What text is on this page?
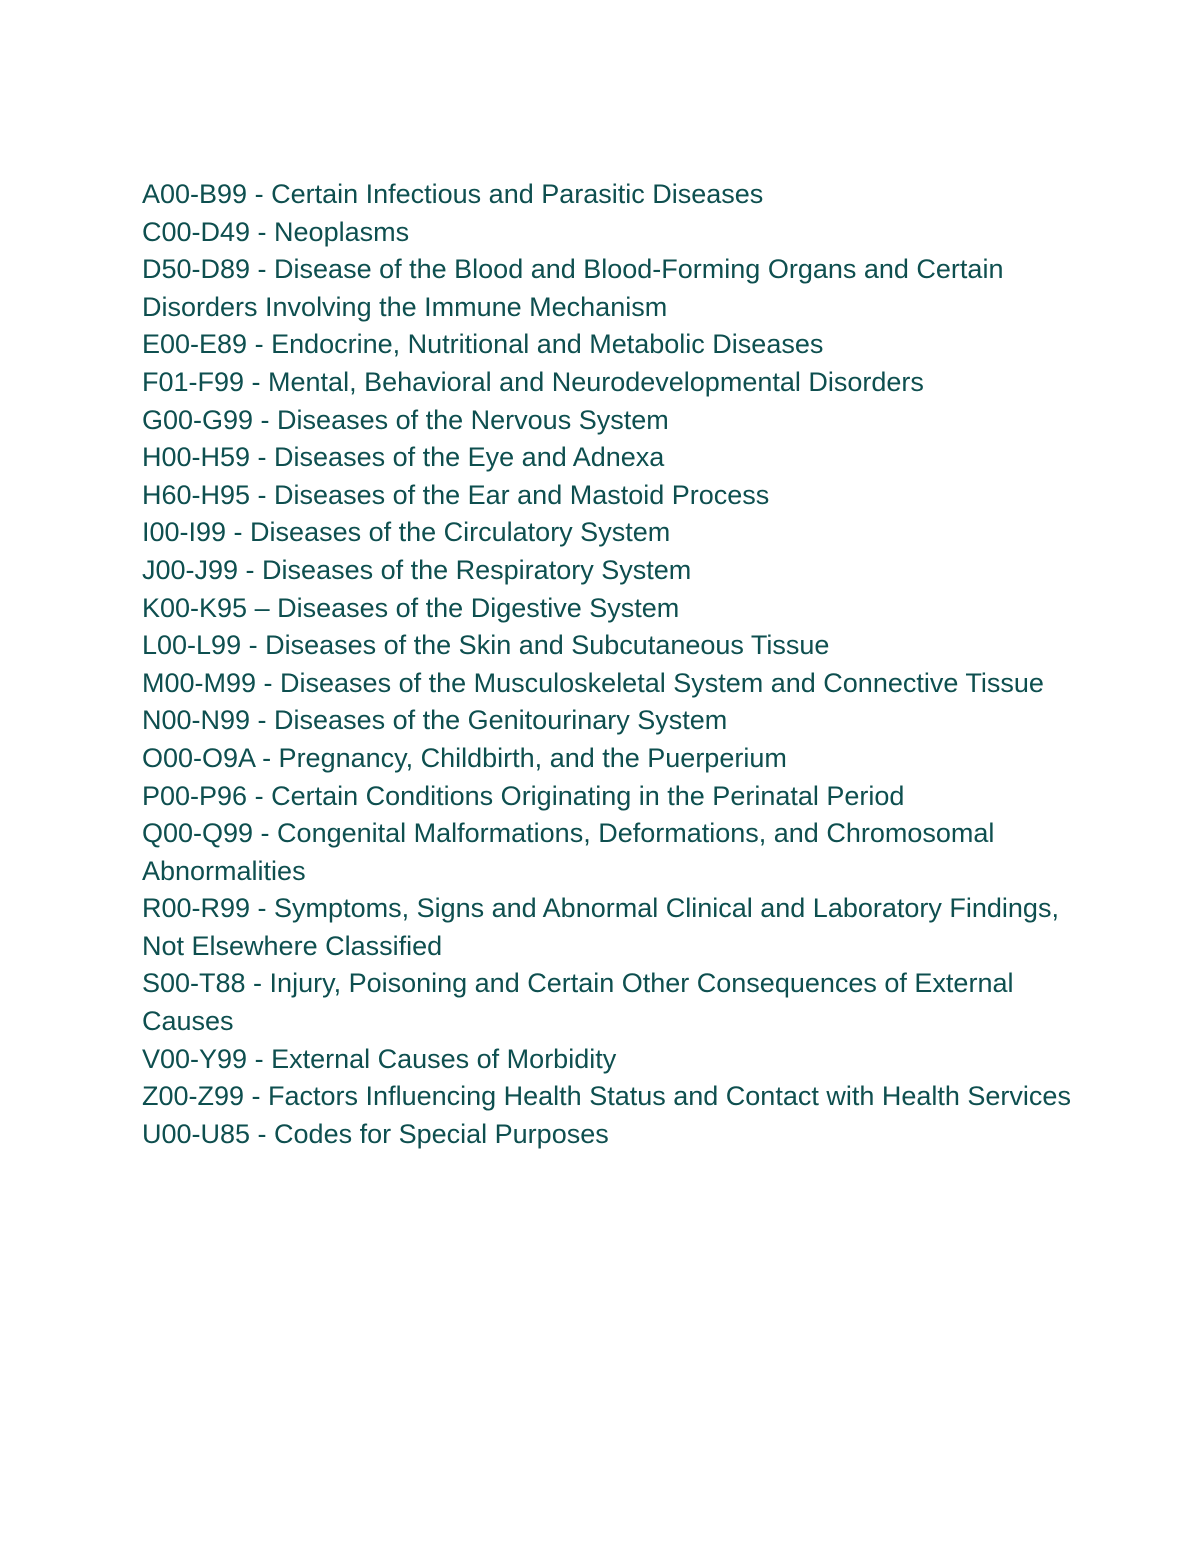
A00-B99 - Certain Infectious and Parasitic Diseases
C00-D49 - Neoplasms
D50-D89 - Disease of the Blood and Blood-Forming Organs and Certain Disorders Involving the Immune Mechanism
E00-E89 - Endocrine, Nutritional and Metabolic Diseases
F01-F99 - Mental, Behavioral and Neurodevelopmental Disorders
G00-G99 - Diseases of the Nervous System
H00-H59 - Diseases of the Eye and Adnexa
H60-H95 - Diseases of the Ear and Mastoid Process
I00-I99 - Diseases of the Circulatory System
J00-J99 - Diseases of the Respiratory System
K00-K95 – Diseases of the Digestive System
L00-L99 - Diseases of the Skin and Subcutaneous Tissue
M00-M99 - Diseases of the Musculoskeletal System and Connective Tissue
N00-N99 - Diseases of the Genitourinary System
O00-O9A - Pregnancy, Childbirth, and the Puerperium
P00-P96 - Certain Conditions Originating in the Perinatal Period
Q00-Q99 - Congenital Malformations, Deformations, and Chromosomal Abnormalities
R00-R99 - Symptoms, Signs and Abnormal Clinical and Laboratory Findings, Not Elsewhere Classified
S00-T88 - Injury, Poisoning and Certain Other Consequences of External Causes
V00-Y99 - External Causes of Morbidity
Z00-Z99 - Factors Influencing Health Status and Contact with Health Services
U00-U85 - Codes for Special Purposes
